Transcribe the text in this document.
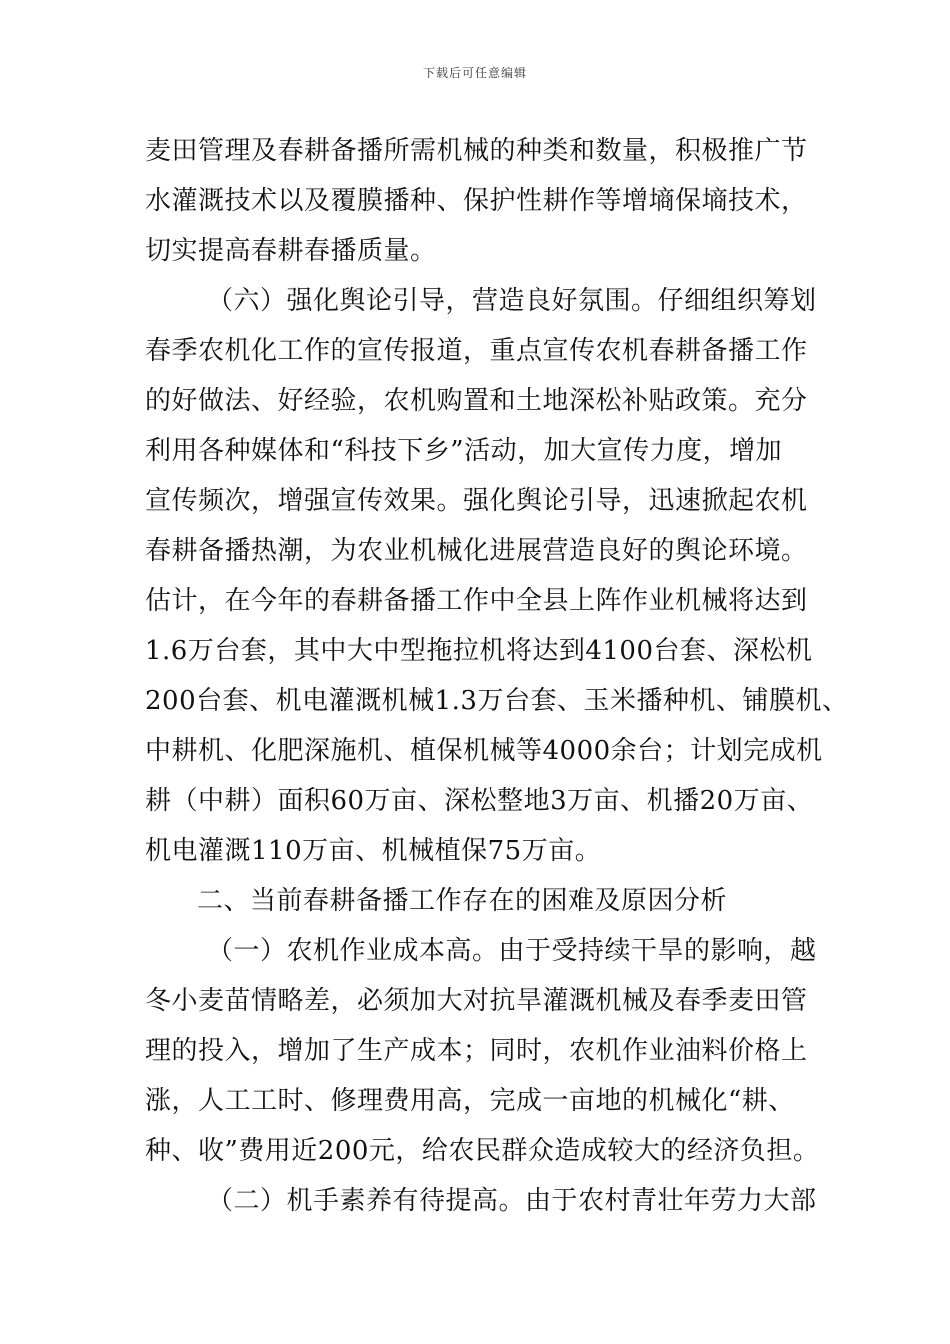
下载后可任意编辑
麦田管理及春耕备播所需机械的种类和数量，积极推广节
水灌溉技术以及覆膜播种、保护性耕作等增墒保墒技术，
切实提高春耕春播质量。
（六）强化舆论引导，营造良好氛围。仔细组织筹划
春季农机化工作的宣传报道，重点宣传农机春耕备播工作
的好做法、好经验，农机购置和土地深松补贴政策。充分
利用各种媒体和“科技下乡”活动，加大宣传力度，增加
宣传频次，增强宣传效果。强化舆论引导，迅速掀起农机
春耕备播热潮，为农业机械化进展营造良好的舆论环境。
估计，在今年的春耕备播工作中全县上阵作业机械将达到
1.6万台套，其中大中型拖拉机将达到4100台套、深松机
200台套、机电灌溉机械1.3万台套、玉米播种机、铺膜机、
中耕机、化肥深施机、植保机械等4000余台；计划完成机
耕（中耕）面积60万亩、深松整地3万亩、机播20万亩、
机电灌溉110万亩、机械植保75万亩。
二、当前春耕备播工作存在的困难及原因分析
（一）农机作业成本高。由于受持续干旱的影响，越
冬小麦苗情略差，必须加大对抗旱灌溉机械及春季麦田管
理的投入，增加了生产成本；同时，农机作业油料价格上
涨，人工工时、修理费用高，完成一亩地的机械化“耕、
种、收”费用近200元，给农民群众造成较大的经济负担。
（二）机手素养有待提高。由于农村青壮年劳力大部
